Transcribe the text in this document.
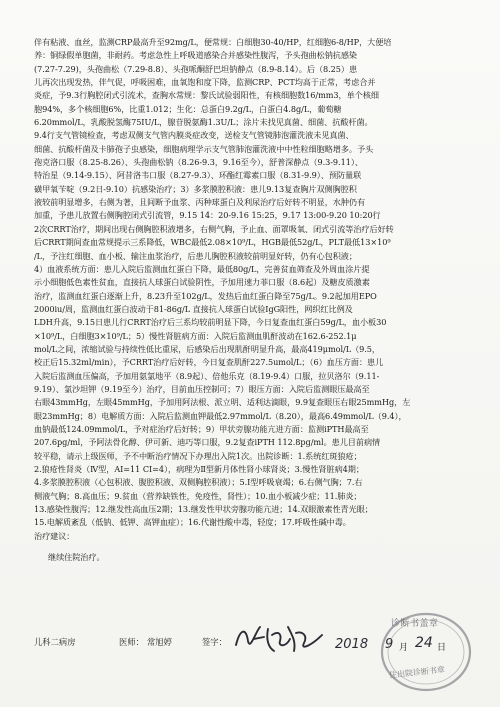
伴有粘液、血丝，监测CRP最高升至92mg/L，便常规：白细胞30-40/HP，红细胞6-8/HP，大便培
养：铜绿假单胞菌，非耐药。考虑急性上呼吸道感染合并感染性腹泻，予头孢曲松钠抗感染
(7.27-7.29)，头孢曲松（7.29-8.8）、头孢哌酮舒巴坦钠静点（8.9-8.14）。后（8.25）患
儿再次出现发热，伴气促，呼吸困难，血氧饱和度下降，监测CRP、PCT均高于正常，考虑合并
炎症，予9.3行胸腔闭式引流术，查胸水常规：黎氏试验弱阳性，有核细胞数16/mm3，单个核细
胞94%，多个核细胞6%，比重1.012；生化：总蛋白9.2g/L，白蛋白4.8g/L，葡萄糖
6.20mmol/L，乳酸脱氢酶75IU/L，腺苷脱氨酶1.3U/L；涂片未找见真菌、细菌、抗酸杆菌。
9.4行支气管镜检查，考虑双侧支气管内膜炎症改变，送检支气管镜肺泡灌洗液未见真菌、
细菌、抗酸杆菌及卡肺孢子虫感染，细胞病理学示支气管肺泡灌洗液中中性粒细胞略增多。予头
孢克洛口服（8.25-8.26）、头孢曲松钠（8.26-9.3，9.16至今），舒普深静点（9.3-9.11）、
特治星（9.14-9.15）、阿昔洛韦口服（8.27-9.3）、环酯红霉素口服（8.31-9.9）、预防量联
磺甲氧苄啶（9.2日-9.10）抗感染治疗；3）多浆膜腔积液：患儿9.13复查胸片双侧胸腔积
液较前明显增多，右侧为著，且间断予血浆、丙种球蛋白及利尿治疗后好转不明显，水肿仍有
加重，予患儿放置右侧胸腔闭式引流管，9.15 14：20-9.16 15:25，9.17 13:00-9.20 10:20行
2次CRRT治疗，期间出现右侧胸腔积液增多，右侧气胸，予止血、面罩吸氧、闭式引流等治疗后好转
后CRRT期间查血常规提示三系降低，WBC最低2.08×10⁹/L，HGB最低52g/L，PLT最低13×10⁹
/L，予注红细胞、血小板、输注血浆治疗，后患儿胸腔积液较前明显好转，仍有心包积液；
4）血液系统方面：患儿入院后监测血红蛋白下降，最低80g/L，完善贫血筛查及外周血涂片提
示小细胞低色素性贫血，直接抗人球蛋白试验阴性，予加用速力菲口服（8.6起）及糖皮质激素
治疗，监测血红蛋白逐渐上升，8.23升至102g/L，发热后血红蛋白降至75g/L。9.2起加用EPO
2000iu/周，监测血红蛋白波动于81-86g/L 直接抗人球蛋白试验IgG阳性，网织红比例及
LDH升高，9.15日患儿行CRRT治疗后三系均较前明显下降，今日复查血红蛋白59g/L，血小板30
×10⁹/L，白细胞3×10⁹/L；5）慢性肾脏病方面：入院后监测血肌酐波动在162.6-252.1μ
mol/L之间，浓缩试验与持续性低比重尿，后感染后出现肌酐明显升高，最高419μmol/L（9.5，
校正后15.32ml/min），予CRRT治疗后好转，今日复查肌酐227.5umol/L；（6）血压方面：患儿
入院后监测血压偏高，予加用氨氯地平（8.9起）、倍他乐克（8.19-9.4）口服，拉贝洛尔（9.11-
9.19）、氯沙坦钾（9.19至今）治疗，目前血压控制可；7）眼压方面：入院后监测眼压最高至
右眼43mmHg，左眼45mmHg，予加用阿法根、派立明、适利达滴眼，9.9复查眼压右眼25mmHg，左
眼23mmHg；8）电解质方面：入院后监测血钾最低2.97mmol/L（8.20），最高6.49mmol/L（9.4），
血钠最低124.09mmol/L，予对症治疗后好转；9）甲状旁腺功能亢进方面：监测iPTH最高至
207.6pg/ml，予阿法骨化醇、伊可新、迪巧等口服，9.2复查iPTH 112.8pg/ml。患儿目前病情
较平稳，请示上级医师，予不中断治疗情况下办理出入院1次。出院诊断：1.系统红斑狼疮；
2.狼疮性肾炎（Ⅳ型，AI=11 CI=4），病理为Ⅱ型新月体性肾小球肾炎；3.慢性肾脏病4期；
4.多浆膜腔积液（心包积液、腹腔积液、双侧胸腔积液）；5.Ⅰ型呼吸衰竭；6.右侧气胸；7.右
侧液气胸；8.高血压；9.贫血（营养缺铁性，免疫性，肾性）；10.血小板减少症；11.肺炎；
13.感染性腹泻；12.继发性高血压2期；13.继发性甲状旁腺功能亢进；14.双眼激素性青光眼；
15.电解质紊乱（低钠、低钾、高钾血症）；16.代谢性酸中毒，轻度；17.呼吸性碱中毒。
治疗建议：

继续住院治疗。

儿科二病房	医师： 常旭婷	签字：	2018 9 月 24 日
诊断书盖章
住出院诊断书章
